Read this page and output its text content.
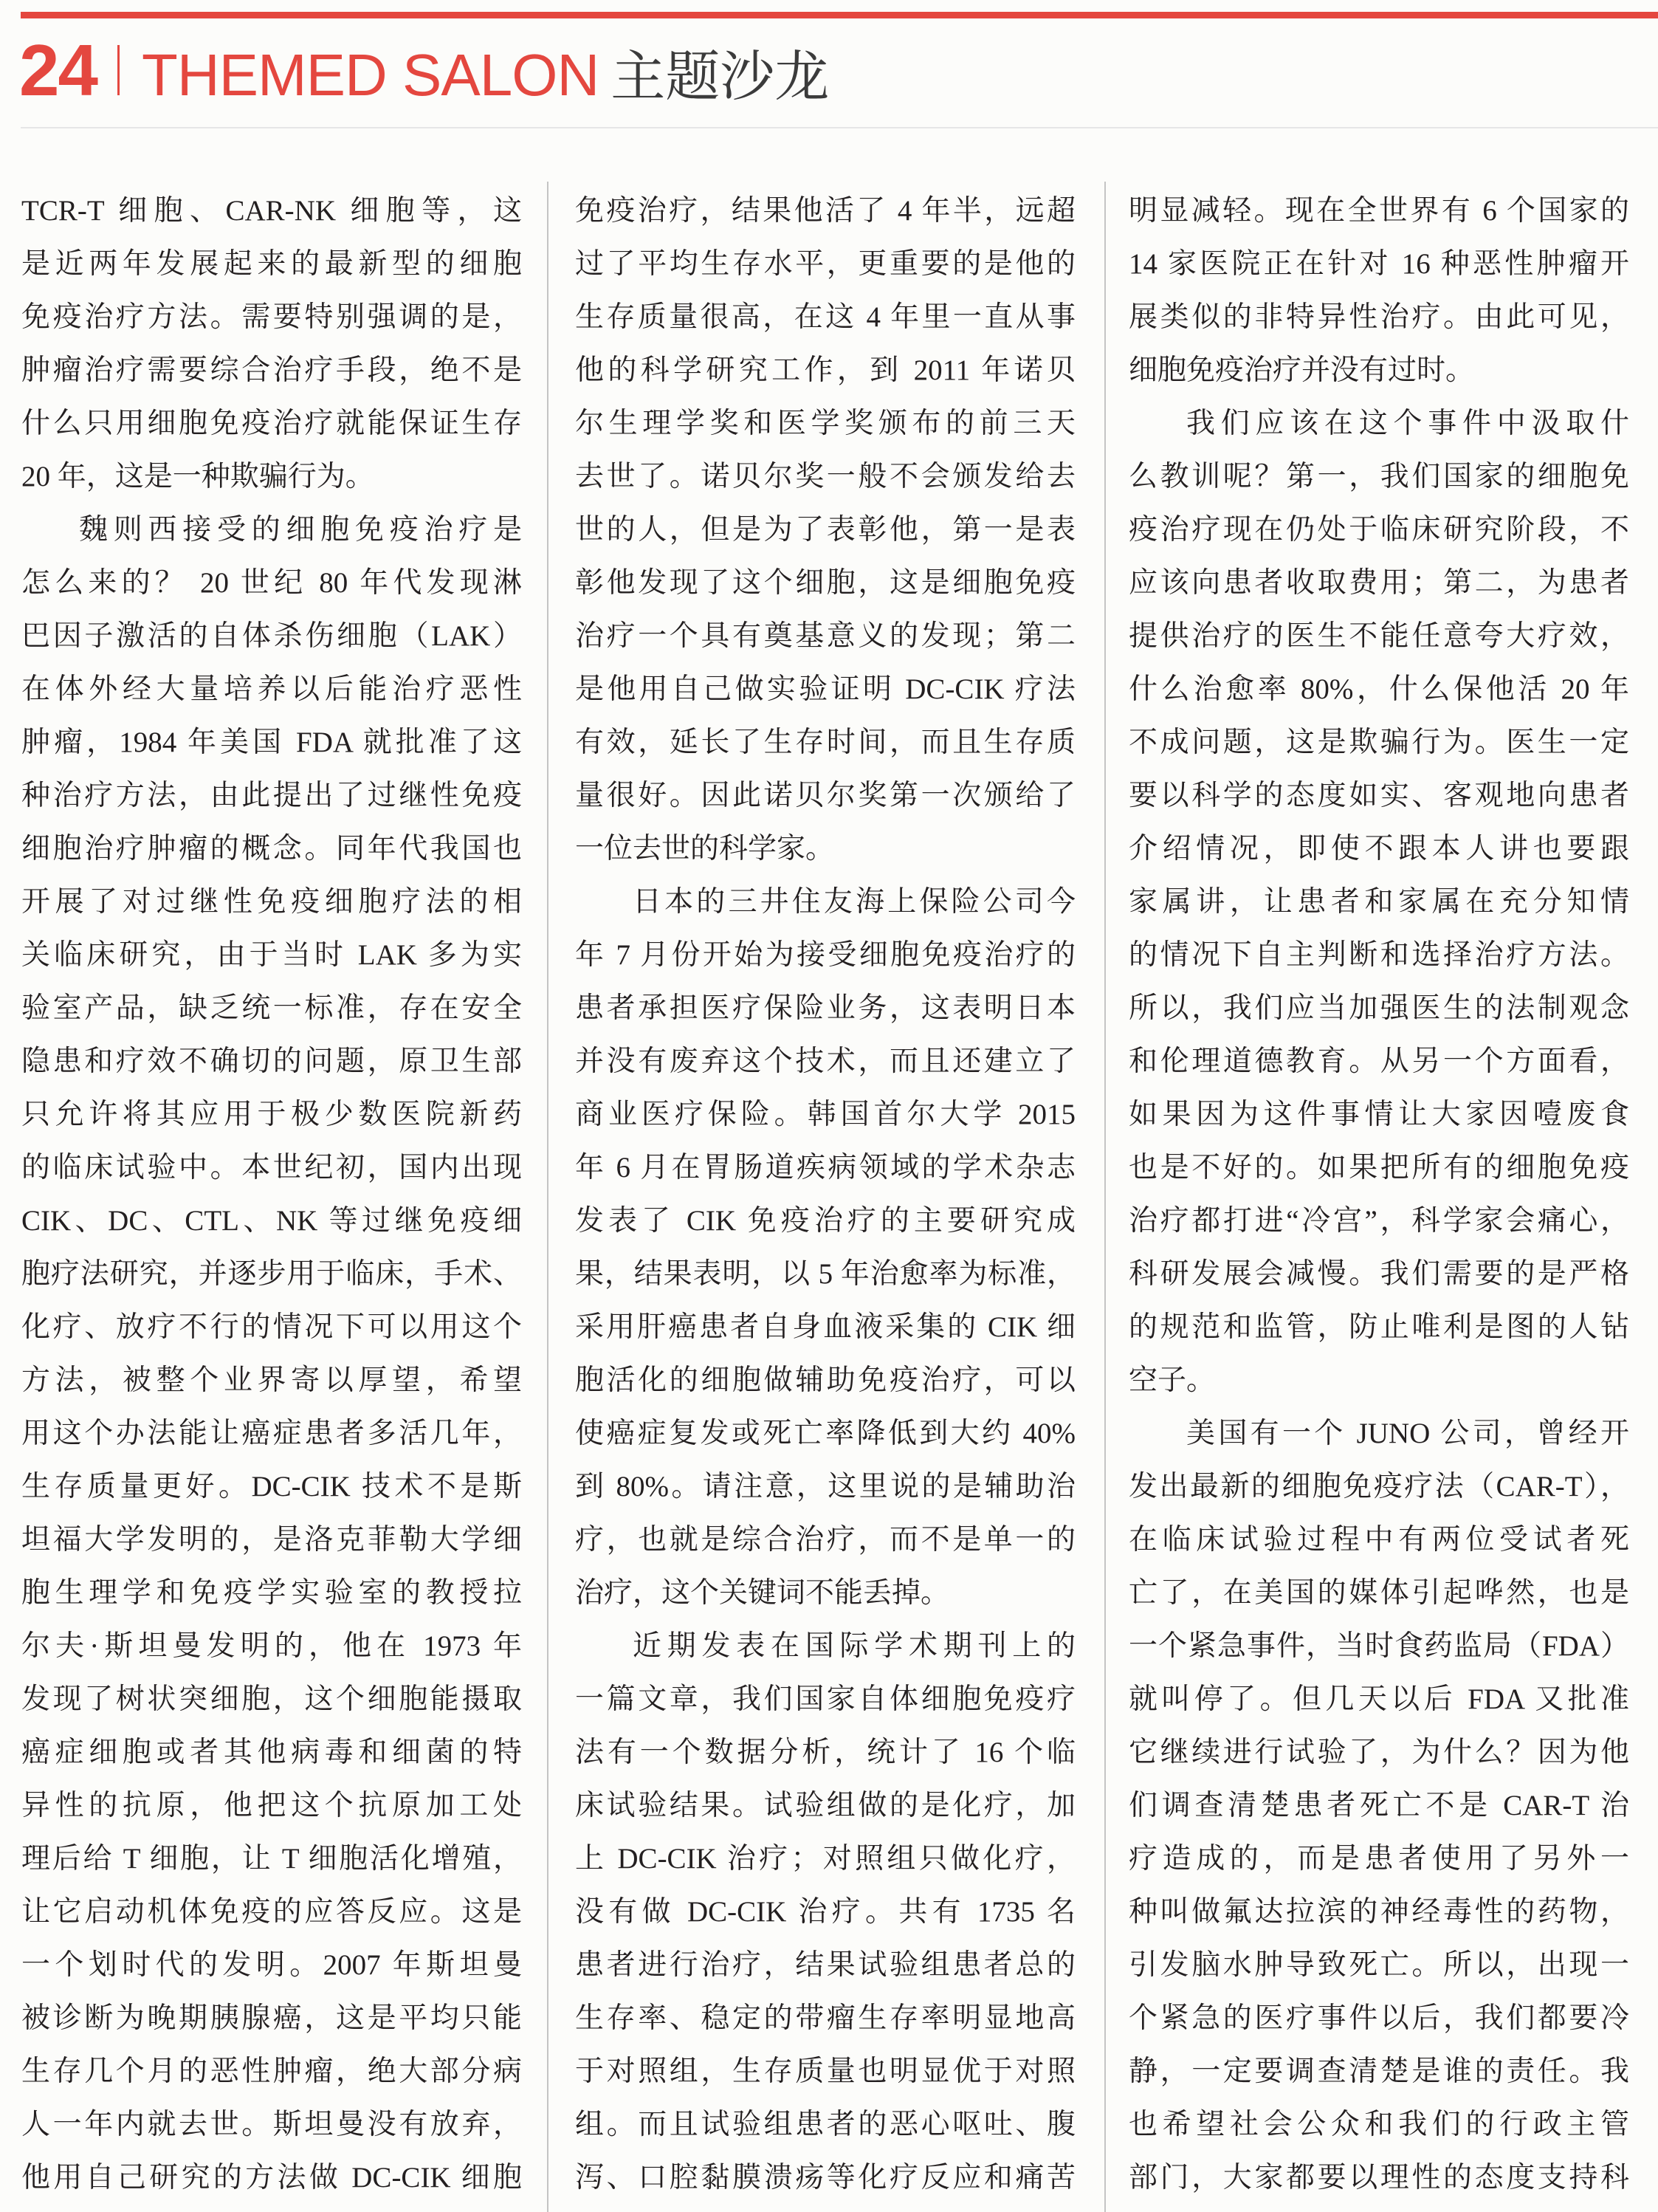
24 THEMED SALON 主题沙龙
TCR-T 细胞、CAR-NK 细胞等，这
是近两年发展起来的最新型的细胞
免疫治疗方法。需要特别强调的是，
肿瘤治疗需要综合治疗手段，绝不是
什么只用细胞免疫治疗就能保证生存
20 年，这是一种欺骗行为。
魏则西接受的细胞免疫治疗是
怎么来的？ 20 世纪 80 年代发现淋
巴因子激活的自体杀伤细胞（LAK）
在体外经大量培养以后能治疗恶性
肿瘤，1984 年美国 FDA 就批准了这
种治疗方法，由此提出了过继性免疫
细胞治疗肿瘤的概念。同年代我国也
开展了对过继性免疫细胞疗法的相
关临床研究，由于当时 LAK 多为实
验室产品，缺乏统一标准，存在安全
隐患和疗效不确切的问题，原卫生部
只允许将其应用于极少数医院新药
的临床试验中。本世纪初，国内出现
CIK、DC、CTL、NK 等过继免疫细
胞疗法研究，并逐步用于临床，手术、
化疗、放疗不行的情况下可以用这个
方法，被整个业界寄以厚望，希望
用这个办法能让癌症患者多活几年，
生存质量更好。DC-CIK 技术不是斯
坦福大学发明的，是洛克菲勒大学细
胞生理学和免疫学实验室的教授拉
尔夫·斯坦曼发明的，他在 1973 年
发现了树状突细胞，这个细胞能摄取
癌症细胞或者其他病毒和细菌的特
异性的抗原，他把这个抗原加工处
理后给 T 细胞，让 T 细胞活化增殖，
让它启动机体免疫的应答反应。这是
一个划时代的发明。2007 年斯坦曼
被诊断为晚期胰腺癌，这是平均只能
生存几个月的恶性肿瘤，绝大部分病
人一年内就去世。斯坦曼没有放弃，
他用自己研究的方法做 DC-CIK 细胞
免疫治疗，结果他活了 4 年半，远超
过了平均生存水平，更重要的是他的
生存质量很高，在这 4 年里一直从事
他的科学研究工作，到 2011 年诺贝
尔生理学奖和医学奖颁布的前三天
去世了。诺贝尔奖一般不会颁发给去
世的人，但是为了表彰他，第一是表
彰他发现了这个细胞，这是细胞免疫
治疗一个具有奠基意义的发现；第二
是他用自己做实验证明 DC-CIK 疗法
有效，延长了生存时间，而且生存质
量很好。因此诺贝尔奖第一次颁给了
一位去世的科学家。
日本的三井住友海上保险公司今
年 7 月份开始为接受细胞免疫治疗的
患者承担医疗保险业务，这表明日本
并没有废弃这个技术，而且还建立了
商业医疗保险。韩国首尔大学 2015
年 6 月在胃肠道疾病领域的学术杂志
发表了 CIK 免疫治疗的主要研究成
果，结果表明，以 5 年治愈率为标准，
采用肝癌患者自身血液采集的 CIK 细
胞活化的细胞做辅助免疫治疗，可以
使癌症复发或死亡率降低到大约 40%
到 80%。请注意，这里说的是辅助治
疗，也就是综合治疗，而不是单一的
治疗，这个关键词不能丢掉。
近期发表在国际学术期刊上的
一篇文章，我们国家自体细胞免疫疗
法有一个数据分析，统计了 16 个临
床试验结果。试验组做的是化疗，加
上 DC-CIK 治疗；对照组只做化疗，
没有做 DC-CIK 治疗。共有 1735 名
患者进行治疗，结果试验组患者总的
生存率、稳定的带瘤生存率明显地高
于对照组，生存质量也明显优于对照
组。而且试验组患者的恶心呕吐、腹
泻、口腔黏膜溃疡等化疗反应和痛苦
明显减轻。现在全世界有 6 个国家的
14 家医院正在针对 16 种恶性肿瘤开
展类似的非特异性治疗。由此可见，
细胞免疫治疗并没有过时。
我们应该在这个事件中汲取什
么教训呢？第一，我们国家的细胞免
疫治疗现在仍处于临床研究阶段，不
应该向患者收取费用；第二，为患者
提供治疗的医生不能任意夸大疗效，
什么治愈率 80%，什么保他活 20 年
不成问题，这是欺骗行为。医生一定
要以科学的态度如实、客观地向患者
介绍情况，即使不跟本人讲也要跟
家属讲，让患者和家属在充分知情
的情况下自主判断和选择治疗方法。
所以，我们应当加强医生的法制观念
和伦理道德教育。从另一个方面看，
如果因为这件事情让大家因噎废食
也是不好的。如果把所有的细胞免疫
治疗都打进“冷宫”，科学家会痛心，
科研发展会减慢。我们需要的是严格
的规范和监管，防止唯利是图的人钻
空子。
美国有一个 JUNO 公司，曾经开
发出最新的细胞免疫疗法（CAR-T），
在临床试验过程中有两位受试者死
亡了，在美国的媒体引起哗然，也是
一个紧急事件，当时食药监局（FDA）
就叫停了。但几天以后 FDA 又批准
它继续进行试验了，为什么？因为他
们调查清楚患者死亡不是 CAR-T 治
疗造成的，而是患者使用了另外一
种叫做氟达拉滨的神经毒性的药物，
引发脑水肿导致死亡。所以，出现一
个紧急的医疗事件以后，我们都要冷
静，一定要调查清楚是谁的责任。我
也希望社会公众和我们的行政主管
部门，大家都要以理性的态度支持科
